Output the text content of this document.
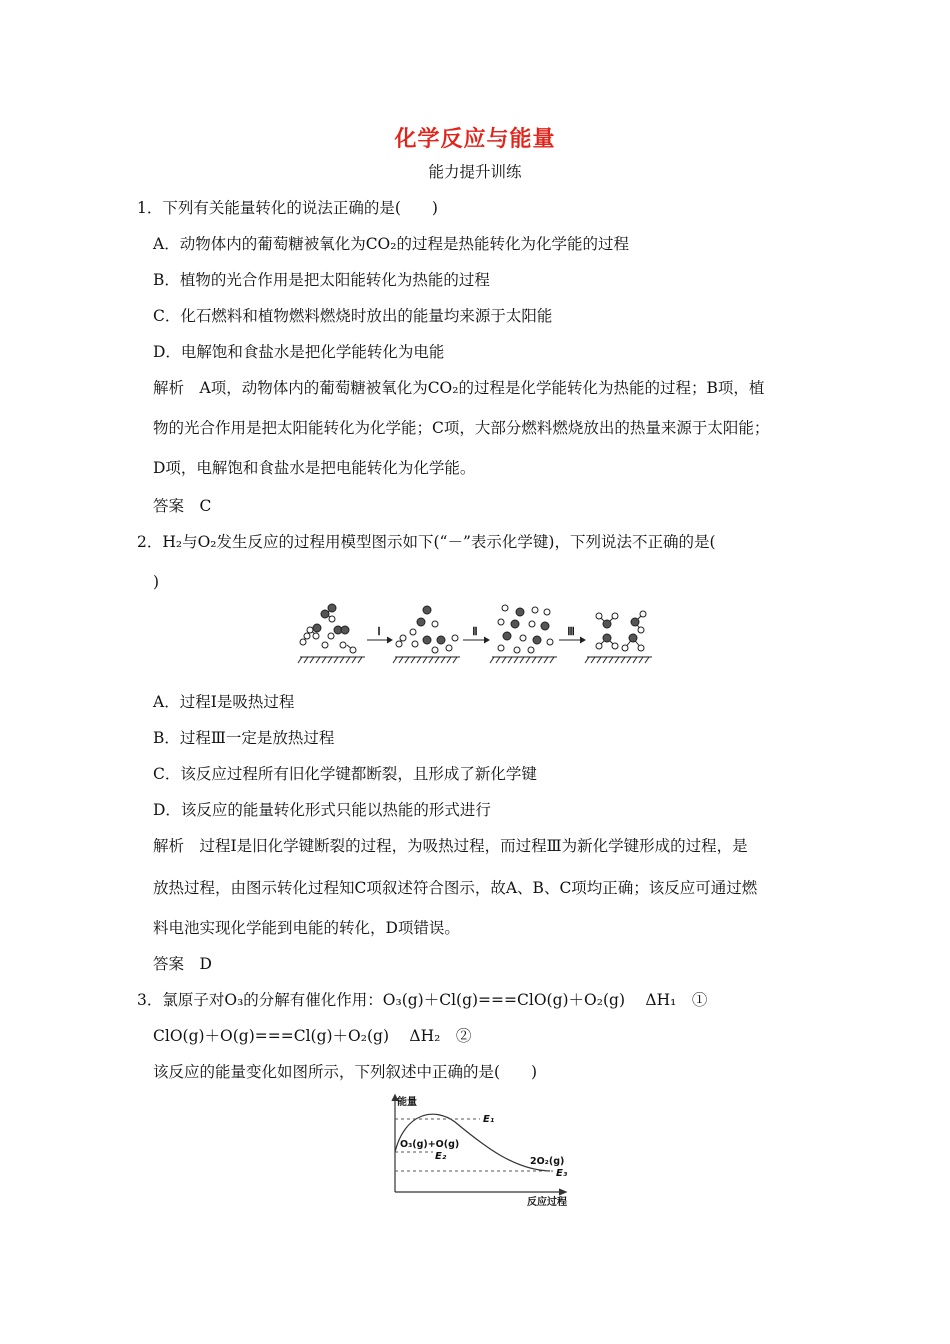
化学反应与能量
能力提升训练
1．下列有关能量转化的说法正确的是(　　)
A．动物体内的葡萄糖被氧化为CO₂的过程是热能转化为化学能的过程
B．植物的光合作用是把太阳能转化为热能的过程
C．化石燃料和植物燃料燃烧时放出的能量均来源于太阳能
D．电解饱和食盐水是把化学能转化为电能
解析　A项，动物体内的葡萄糖被氧化为CO₂的过程是化学能转化为热能的过程；B项，植
物的光合作用是把太阳能转化为化学能；C项，大部分燃料燃烧放出的热量来源于太阳能；
D项，电解饱和食盐水是把电能转化为化学能。
答案　C
2．H₂与O₂发生反应的过程用模型图示如下(“－”表示化学键)，下列说法不正确的是(
)
Ⅰ	Ⅱ	Ⅲ
A．过程Ⅰ是吸热过程
B．过程Ⅲ一定是放热过程
C．该反应过程所有旧化学键都断裂，且形成了新化学键
D．该反应的能量转化形式只能以热能的形式进行
解析　过程Ⅰ是旧化学键断裂的过程，为吸热过程，而过程Ⅲ为新化学键形成的过程，是
放热过程，由图示转化过程知C项叙述符合图示，故A、B、C项均正确；该反应可通过燃
料电池实现化学能到电能的转化，D项错误。
答案　D
3．氯原子对O₃的分解有催化作用：O₃(g)＋Cl(g)===ClO(g)＋O₂(g)　 ΔH₁　①
ClO(g)＋O(g)===Cl(g)＋O₂(g)　 ΔH₂　②
该反应的能量变化如图所示，下列叙述中正确的是(　　)
能量
E₁
E₂
E₃
O₃(g)+O(g)
2O₂(g)
反应过程
